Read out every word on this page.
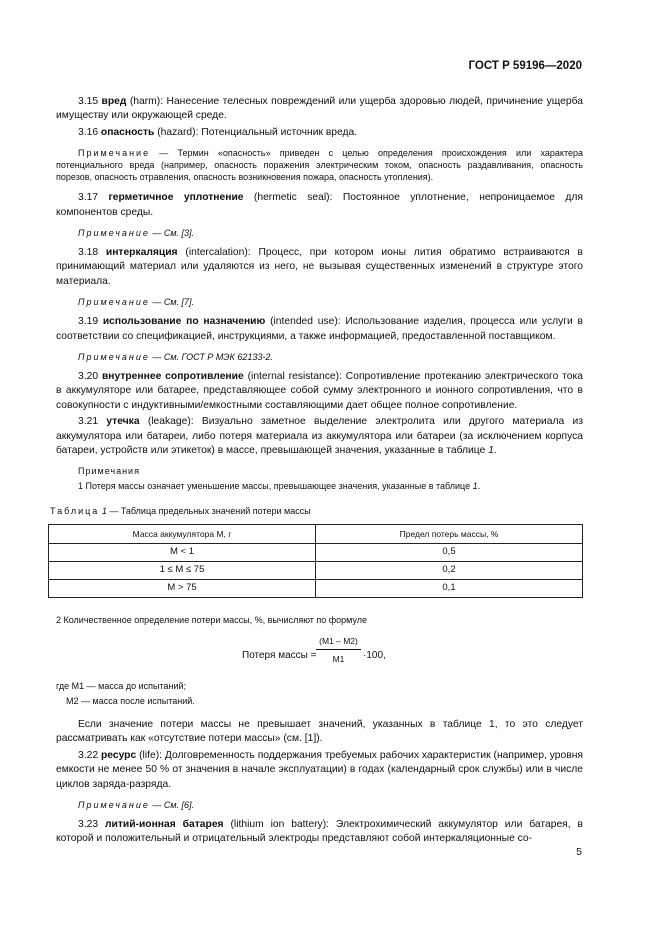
ГОСТ Р 59196—2020

3.15 вред (harm): Нанесение телесных повреждений или ущерба здоровью людей, причинение ущерба имуществу или окружающей среде.

3.16 опасность (hazard): Потенциальный источник вреда.

Примечание — Термин «опасность» приведен с целью определения происхождения или характера потенциального вреда (например, опасность поражения электрическим током, опасность раздавливания, опасность порезов, опасность отравления, опасность возникновения пожара, опасность утопления).

3.17 герметичное уплотнение (hermetic seal): Постоянное уплотнение, непроницаемое для компонентов среды.

Примечание — См. [3].

3.18 интеркаляция (intercalation): Процесс, при котором ионы лития обратимо встраиваются в принимающий материал или удаляются из него, не вызывая существенных изменений в структуре этого материала.

Примечание — См. [7].

3.19 использование по назначению (intended use): Использование изделия, процесса или услуги в соответствии со спецификацией, инструкциями, а также информацией, предоставленной поставщиком.

Примечание — См. ГОСТ Р МЭК 62133-2.

3.20 внутреннее сопротивление (internal resistance): Сопротивление протеканию электрического тока в аккумуляторе или батарее, представляющее собой сумму электронного и ионного сопротивления, что в совокупности с индуктивными/емкостными составляющими дает общее полное сопротивление.

3.21 утечка (leakage): Визуально заметное выделение электролита или другого материала из аккумулятора или батареи, либо потеря материала из аккумулятора или батареи (за исключением корпуса батареи, устройств или этикеток) в массе, превышающей значения, указанные в таблице 1.

Примечания

1 Потеря массы означает уменьшение массы, превышающее значения, указанные в таблице 1.

Таблица 1 — Таблица предельных значений потери массы

Масса аккумулятора M, г	Предел потерь массы, %
M < 1	0,5
1 ≤ M ≤ 75	0,2
M > 75	0,1

2 Количественное определение потери массы, %, вычисляют по формуле

Потеря массы = $\frac{(M1 - M2)}{M1} \cdot 100$,

где M1 — масса до испытаний;

M2 — масса после испытаний.

Если значение потери массы не превышает значений, указанных в таблице 1, то это следует рассматривать как «отсутствие потери массы» (см. [1]).

3.22 ресурс (life): Долговременность поддержания требуемых рабочих характеристик (например, уровня емкости не менее 50 % от значения в начале эксплуатации) в годах (календарный срок службы) или в числе циклов заряда-разряда.

Примечание — См. [6].

3.23 литий-ионная батарея (lithium ion battery): Электрохимический аккумулятор или батарея, в которой и положительный и отрицательный электроды представляют собой интеркаляционные со-

5
